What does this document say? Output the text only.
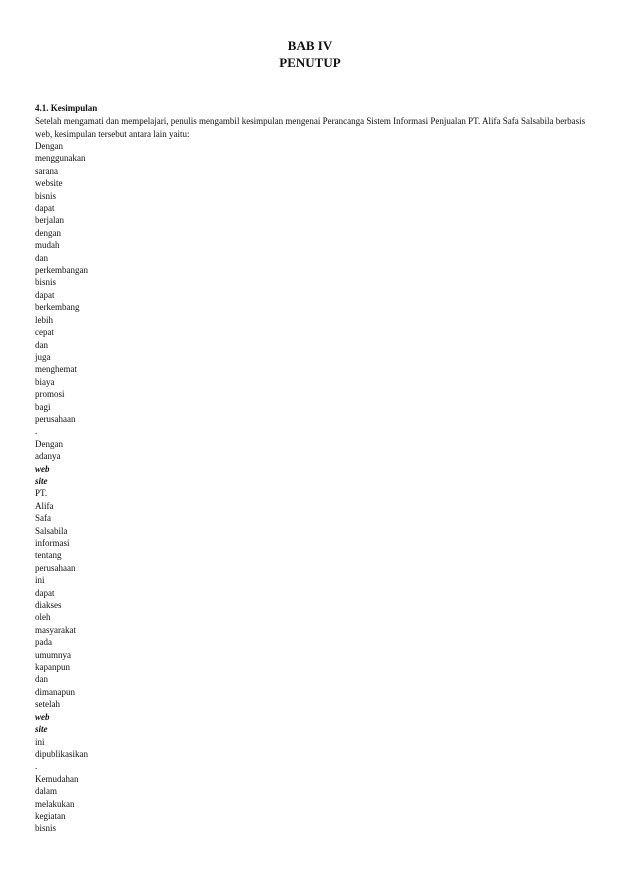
BAB IV
PENUTUP
4.1. Kesimpulan
Setelah mengamati dan mempelajari, penulis mengambil kesimpulan mengenai Perancanga Sistem Informasi Penjualan PT. Alifa Safa Salsabila berbasis web, kesimpulan tersebut antara lain yaitu:
Dengan
menggunakan
sarana
website
bisnis
dapat
berjalan
dengan
mudah
dan
perkembangan
bisnis
dapat
berkembang
lebih
cepat
dan
juga
menghemat
biaya
promosi
bagi
perusahaan
.
Dengan
adanya
web
site
PT.
Alifa
Safa
Salsabila
informasi
tentang
perusahaan
ini
dapat
diakses
oleh
masyarakat
pada
umumnya
kapanpun
dan
dimanapun
setelah
web
site
ini
dipublikasikan
.
Kemudahan
dalam
melakukan
kegiatan
bisnis
